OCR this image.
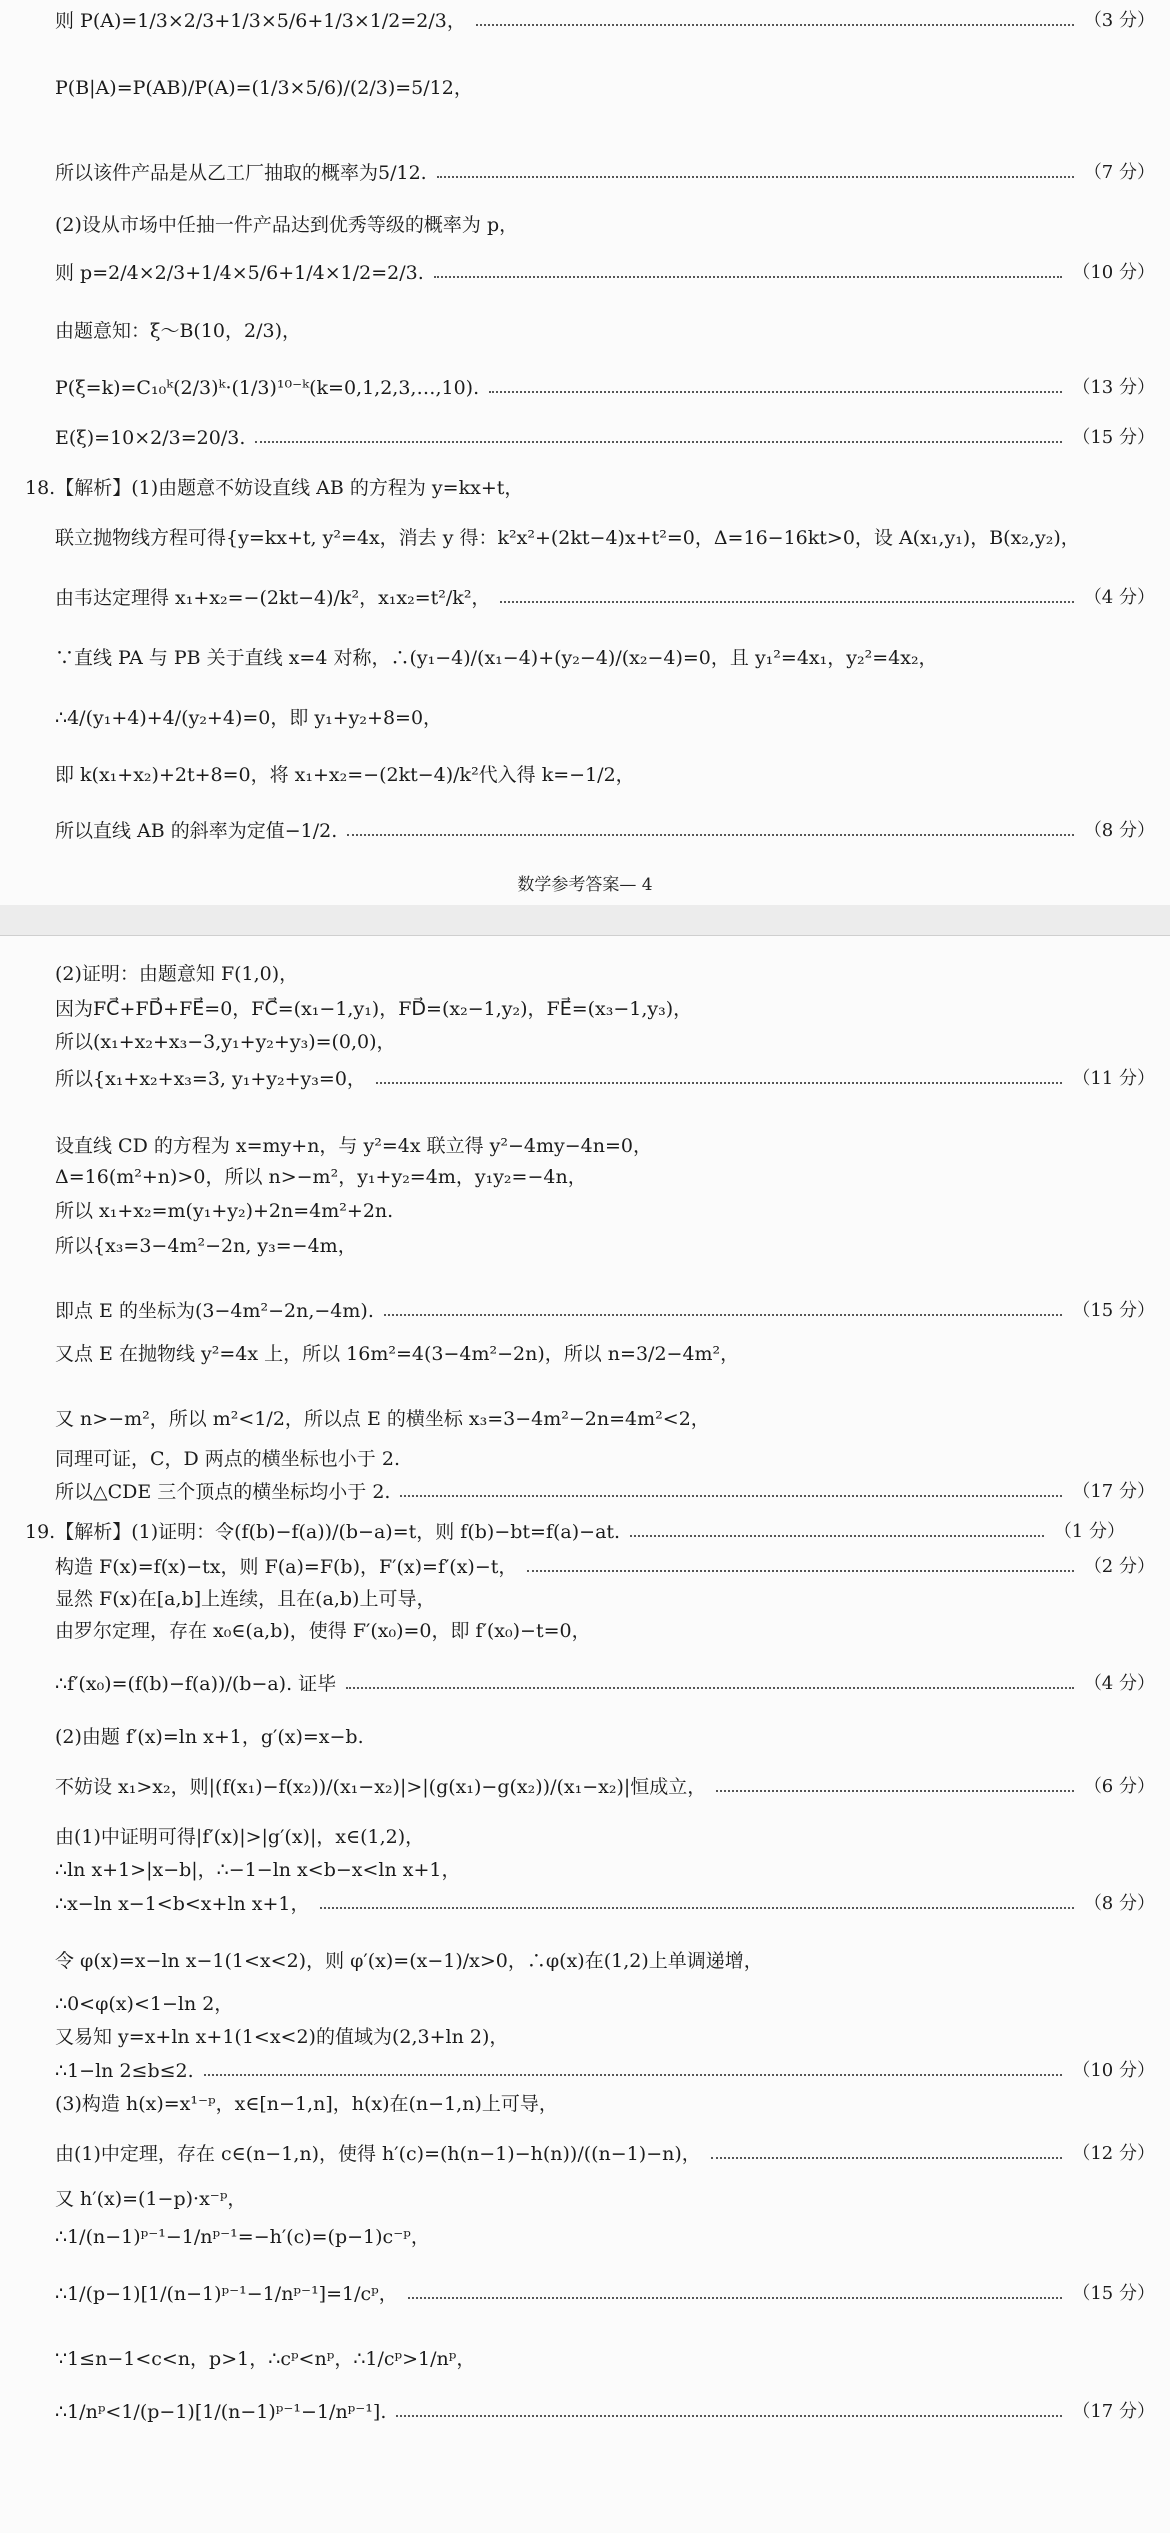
则 P(A)=1/3×2/3+1/3×5/6+1/3×1/2=2/3，	（3 分）
P(B|A)=P(AB)/P(A)=(1/3×5/6)/(2/3)=5/12，
所以该件产品是从乙工厂抽取的概率为5/12.	（7 分）
(2)设从市场中任抽一件产品达到优秀等级的概率为 p，
则 p=2/4×2/3+1/4×5/6+1/4×1/2=2/3.	（10 分）
由题意知：ξ～B(10，2/3)，
P(ξ=k)=C₁₀ᵏ(2/3)ᵏ·(1/3)¹⁰⁻ᵏ(k=0,1,2,3,…,10).	（13 分）
E(ξ)=10×2/3=20/3.	（15 分）
18.【解析】(1)由题意不妨设直线 AB 的方程为 y=kx+t，
联立抛物线方程可得{y=kx+t, y²=4x，消去 y 得：k²x²+(2kt−4)x+t²=0，Δ=16−16kt>0，设 A(x₁,y₁)，B(x₂,y₂)，
由韦达定理得 x₁+x₂=−(2kt−4)/k²，x₁x₂=t²/k²，	（4 分）
∵直线 PA 与 PB 关于直线 x=4 对称，∴(y₁−4)/(x₁−4)+(y₂−4)/(x₂−4)=0，且 y₁²=4x₁，y₂²=4x₂，
∴4/(y₁+4)+4/(y₂+4)=0，即 y₁+y₂+8=0，
即 k(x₁+x₂)+2t+8=0，将 x₁+x₂=−(2kt−4)/k²代入得 k=−1/2，
所以直线 AB 的斜率为定值−1/2.	（8 分）
数学参考答案— 4
(2)证明：由题意知 F(1,0)，
因为FC⃗+FD⃗+FE⃗=0，FC⃗=(x₁−1,y₁)，FD⃗=(x₂−1,y₂)，FE⃗=(x₃−1,y₃)，
所以(x₁+x₂+x₃−3,y₁+y₂+y₃)=(0,0)，
所以{x₁+x₂+x₃=3, y₁+y₂+y₃=0，	（11 分）
设直线 CD 的方程为 x=my+n，与 y²=4x 联立得 y²−4my−4n=0，
Δ=16(m²+n)>0，所以 n>−m²，y₁+y₂=4m，y₁y₂=−4n，
所以 x₁+x₂=m(y₁+y₂)+2n=4m²+2n.
所以{x₃=3−4m²−2n, y₃=−4m，
即点 E 的坐标为(3−4m²−2n,−4m).	（15 分）
又点 E 在抛物线 y²=4x 上，所以 16m²=4(3−4m²−2n)，所以 n=3/2−4m²，
又 n>−m²，所以 m²<1/2，所以点 E 的横坐标 x₃=3−4m²−2n=4m²<2，
同理可证，C，D 两点的横坐标也小于 2.
所以△CDE 三个顶点的横坐标均小于 2.	（17 分）
19.【解析】(1)证明：令(f(b)−f(a))/(b−a)=t，则 f(b)−bt=f(a)−at.	（1 分）
构造 F(x)=f(x)−tx，则 F(a)=F(b)，F′(x)=f′(x)−t，	（2 分）
显然 F(x)在[a,b]上连续，且在(a,b)上可导，
由罗尔定理，存在 x₀∈(a,b)，使得 F′(x₀)=0，即 f′(x₀)−t=0，
∴f′(x₀)=(f(b)−f(a))/(b−a). 证毕	（4 分）
(2)由题 f′(x)=ln x+1，g′(x)=x−b.
不妨设 x₁>x₂，则|(f(x₁)−f(x₂))/(x₁−x₂)|>|(g(x₁)−g(x₂))/(x₁−x₂)|恒成立，	（6 分）
由(1)中证明可得|f′(x)|>|g′(x)|，x∈(1,2)，
∴ln x+1>|x−b|，∴−1−ln x<b−x<ln x+1，
∴x−ln x−1<b<x+ln x+1，	（8 分）
令 φ(x)=x−ln x−1(1<x<2)，则 φ′(x)=(x−1)/x>0，∴φ(x)在(1,2)上单调递增，
∴0<φ(x)<1−ln 2，
又易知 y=x+ln x+1(1<x<2)的值域为(2,3+ln 2)，
∴1−ln 2≤b≤2.	（10 分）
(3)构造 h(x)=x¹⁻ᵖ，x∈[n−1,n]，h(x)在(n−1,n)上可导，
由(1)中定理，存在 c∈(n−1,n)，使得 h′(c)=(h(n−1)−h(n))/((n−1)−n)，	（12 分）
又 h′(x)=(1−p)·x⁻ᵖ，
∴1/(n−1)ᵖ⁻¹−1/nᵖ⁻¹=−h′(c)=(p−1)c⁻ᵖ，
∴1/(p−1)[1/(n−1)ᵖ⁻¹−1/nᵖ⁻¹]=1/cᵖ，	（15 分）
∵1≤n−1<c<n，p>1，∴cᵖ<nᵖ，∴1/cᵖ>1/nᵖ，
∴1/nᵖ<1/(p−1)[1/(n−1)ᵖ⁻¹−1/nᵖ⁻¹].	（17 分）
